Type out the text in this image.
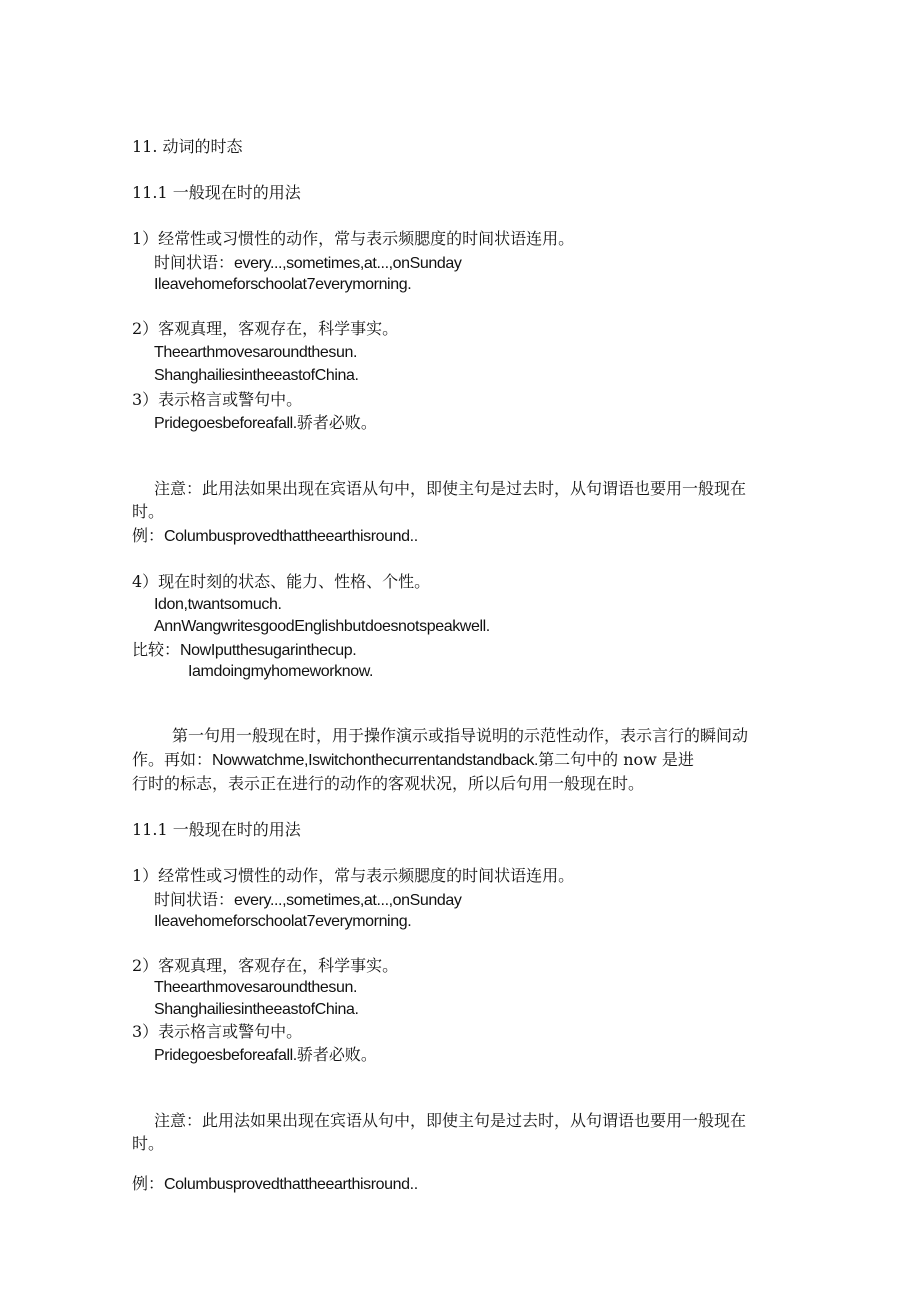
11. 动词的时态

11.1 一般现在时的用法

1）经常性或习惯性的动作，常与表示频腮度的时间状语连用。

时间状语：every...,sometimes,at...,onSunday

Ileavehomeforschoolat7everymorning.

2）客观真理，客观存在，科学事实。

Theearthmovesaroundthesun.

ShanghailiesintheeastofChina.

3）表示格言或警句中。

Pridegoesbeforeafall.骄者必败。

注意：此用法如果出现在宾语从句中，即使主句是过去时，从句谓语也要用一般现在

时。

例：Columbusprovedthattheearthisround..

4）现在时刻的状态、能力、性格、个性。

Idon,twantsomuch.

AnnWangwritesgoodEnglishbutdoesnotspeakwell.

比较：NowIputthesugarinthecup.

Iamdoingmyhomeworknow.

第一句用一般现在时，用于操作演示或指导说明的示范性动作，表示言行的瞬间动

作。再如：Nowwatchme,Iswitchonthecurrentandstandback.第二句中的 now 是进

行时的标志，表示正在进行的动作的客观状况，所以后句用一般现在时。

11.1 一般现在时的用法

1）经常性或习惯性的动作，常与表示频腮度的时间状语连用。

时间状语：every...,sometimes,at...,onSunday

Ileavehomeforschoolat7everymorning.

2）客观真理，客观存在，科学事实。

Theearthmovesaroundthesun.

ShanghailiesintheeastofChina.

3）表示格言或警句中。

Pridegoesbeforeafall.骄者必败。

注意：此用法如果出现在宾语从句中，即使主句是过去时，从句谓语也要用一般现在

时。

例：Columbusprovedthattheearthisround..
